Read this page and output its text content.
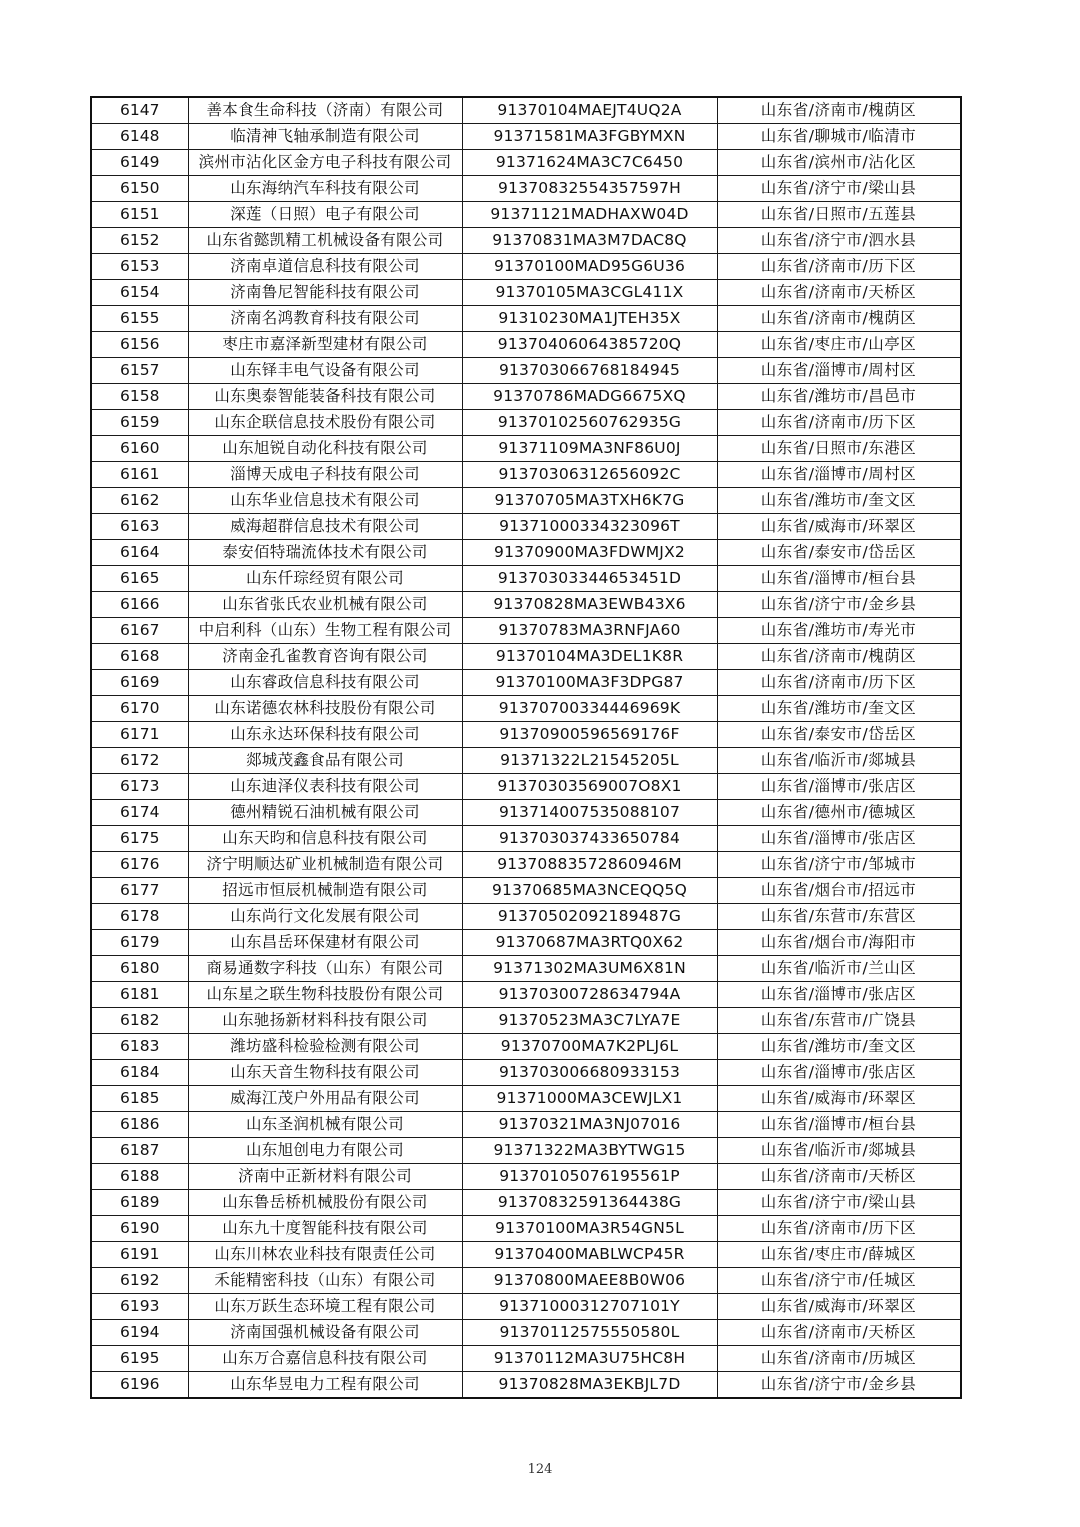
6147	善本食生命科技（济南）有限公司	91370104MAEJT4UQ2A	山东省/济南市/槐荫区
6148	临清神飞轴承制造有限公司	91371581MA3FGBYMXN	山东省/聊城市/临清市
6149	滨州市沾化区金方电子科技有限公司	91371624MA3C7C6450	山东省/滨州市/沾化区
6150	山东海纳汽车科技有限公司	91370832554357597H	山东省/济宁市/梁山县
6151	深莲（日照）电子有限公司	91371121MADHAXW04D	山东省/日照市/五莲县
6152	山东省懿凯精工机械设备有限公司	91370831MA3M7DAC8Q	山东省/济宁市/泗水县
6153	济南卓道信息科技有限公司	91370100MAD95G6U36	山东省/济南市/历下区
6154	济南鲁尼智能科技有限公司	91370105MA3CGL411X	山东省/济南市/天桥区
6155	济南名鸿教育科技有限公司	91310230MA1JTEH35X	山东省/济南市/槐荫区
6156	枣庄市嘉泽新型建材有限公司	91370406064385720Q	山东省/枣庄市/山亭区
6157	山东铎丰电气设备有限公司	913703066768184945	山东省/淄博市/周村区
6158	山东奥泰智能装备科技有限公司	91370786MADG6675XQ	山东省/潍坊市/昌邑市
6159	山东企联信息技术股份有限公司	91370102560762935G	山东省/济南市/历下区
6160	山东旭锐自动化科技有限公司	91371109MA3NF86U0J	山东省/日照市/东港区
6161	淄博天成电子科技有限公司	91370306312656092C	山东省/淄博市/周村区
6162	山东华业信息技术有限公司	91370705MA3TXH6K7G	山东省/潍坊市/奎文区
6163	威海超群信息技术有限公司	91371000334323096T	山东省/威海市/环翠区
6164	泰安佰特瑞流体技术有限公司	91370900MA3FDWMJX2	山东省/泰安市/岱岳区
6165	山东仟琮经贸有限公司	91370303344653451D	山东省/淄博市/桓台县
6166	山东省张氏农业机械有限公司	91370828MA3EWB43X6	山东省/济宁市/金乡县
6167	中启利科（山东）生物工程有限公司	91370783MA3RNFJA60	山东省/潍坊市/寿光市
6168	济南金孔雀教育咨询有限公司	91370104MA3DEL1K8R	山东省/济南市/槐荫区
6169	山东睿政信息科技有限公司	91370100MA3F3DPG87	山东省/济南市/历下区
6170	山东诺德农林科技股份有限公司	91370700334446969K	山东省/潍坊市/奎文区
6171	山东永达环保科技有限公司	91370900596569176F	山东省/泰安市/岱岳区
6172	郯城茂鑫食品有限公司	91371322L21545205L	山东省/临沂市/郯城县
6173	山东迪泽仪表科技有限公司	91370303569007O8X1	山东省/淄博市/张店区
6174	德州精锐石油机械有限公司	913714007535088107	山东省/德州市/德城区
6175	山东天昀和信息科技有限公司	913703037433650784	山东省/淄博市/张店区
6176	济宁明顺达矿业机械制造有限公司	91370883572860946M	山东省/济宁市/邹城市
6177	招远市恒辰机械制造有限公司	91370685MA3NCEQQ5Q	山东省/烟台市/招远市
6178	山东尚行文化发展有限公司	91370502092189487G	山东省/东营市/东营区
6179	山东昌岳环保建材有限公司	91370687MA3RTQ0X62	山东省/烟台市/海阳市
6180	商易通数字科技（山东）有限公司	91371302MA3UM6X81N	山东省/临沂市/兰山区
6181	山东星之联生物科技股份有限公司	91370300728634794A	山东省/淄博市/张店区
6182	山东驰扬新材料科技有限公司	91370523MA3C7LYA7E	山东省/东营市/广饶县
6183	潍坊盛科检验检测有限公司	91370700MA7K2PLJ6L	山东省/潍坊市/奎文区
6184	山东天音生物科技有限公司	913703006680933153	山东省/淄博市/张店区
6185	威海江茂户外用品有限公司	91371000MA3CEWJLX1	山东省/威海市/环翠区
6186	山东圣润机械有限公司	91370321MA3NJ07016	山东省/淄博市/桓台县
6187	山东旭创电力有限公司	91371322MA3BYTWG15	山东省/临沂市/郯城县
6188	济南中正新材料有限公司	91370105076195561P	山东省/济南市/天桥区
6189	山东鲁岳桥机械股份有限公司	91370832591364438G	山东省/济宁市/梁山县
6190	山东九十度智能科技有限公司	91370100MA3R54GN5L	山东省/济南市/历下区
6191	山东川林农业科技有限责任公司	91370400MABLWCP45R	山东省/枣庄市/薛城区
6192	禾能精密科技（山东）有限公司	91370800MAEE8B0W06	山东省/济宁市/任城区
6193	山东万跃生态环境工程有限公司	91371000312707101Y	山东省/威海市/环翠区
6194	济南国强机械设备有限公司	91370112575550580L	山东省/济南市/天桥区
6195	山东万合嘉信息科技有限公司	91370112MA3U75HC8H	山东省/济南市/历城区
6196	山东华昱电力工程有限公司	91370828MA3EKBJL7D	山东省/济宁市/金乡县
124
